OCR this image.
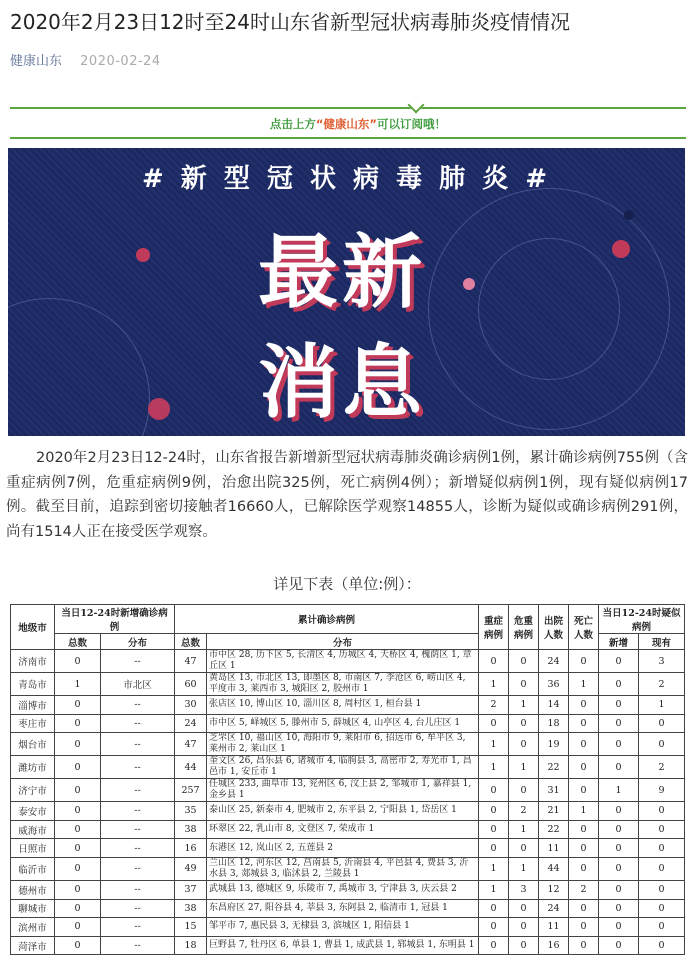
2020年2月23日12时至24时山东省新型冠状病毒肺炎疫情情况
健康山东 2020-02-24
点击上方“健康山东”可以订阅哦！
# 新 型 冠 状 病 毒 肺 炎 #
最新
消息
2020年2月23日12-24时，山东省报告新增新型冠状病毒肺炎确诊病例1例，累计确诊病例755例（含重症病例7例，危重症病例9例，治愈出院325例，死亡病例4例）；新增疑似病例1例，现有疑似病例17例。截至目前，追踪到密切接触者16660人，已解除医学观察14855人，诊断为疑似或确诊病例291例，尚有1514人正在接受医学观察。
详见下表（单位:例）：
地级市	当日12-24时新增确诊病例		累计确诊病例		重症病例	危重病例	出院人数	死亡人数	当日12-24时疑似病例	
	总数	分布	总数	分布					新增	现有
济南市	0	--	47	市中区 28, 历下区 5, 长清区 4, 历城区 4, 天桥区 4, 槐荫区 1, 章丘区 1	0	0	24	0	0	3
青岛市	1	市北区	60	黄岛区 13, 市北区 13, 即墨区 8, 市南区 7, 李沧区 6, 崂山区 4, 平度市 3, 莱西市 3, 城阳区 2, 胶州市 1	1	0	36	1	0	2
淄博市	0	--	30	张店区 10, 博山区 10, 淄川区 8, 周村区 1, 桓台县 1	2	1	14	0	0	1
枣庄市	0	--	24	市中区 5, 峄城区 5, 滕州市 5, 薛城区 4, 山亭区 4, 台儿庄区 1	0	0	18	0	0	0
烟台市	0	--	47	芝罘区 10, 福山区 10, 海阳市 9, 莱阳市 6, 招远市 6, 牟平区 3, 莱州市 2, 莱山区 1	1	0	19	0	0	0
潍坊市	0	--	44	奎文区 26, 昌乐县 6, 诸城市 4, 临朐县 3, 高密市 2, 寿光市 1, 昌邑市 1, 安丘市 1	1	1	22	0	0	2
济宁市	0	--	257	任城区 233, 曲阜市 13, 兖州区 6, 汶上县 2, 邹城市 1, 嘉祥县 1, 金乡县 1	0	0	31	0	1	9
泰安市	0	--	35	泰山区 25, 新泰市 4, 肥城市 2, 东平县 2, 宁阳县 1, 岱岳区 1	0	2	21	1	0	0
威海市	0	--	38	环翠区 22, 乳山市 8, 文登区 7, 荣成市 1	0	1	22	0	0	0
日照市	0	--	16	东港区 12, 岚山区 2, 五莲县 2	0	0	11	0	0	0
临沂市	0	--	49	兰山区 12, 河东区 12, 莒南县 5, 沂南县 4, 平邑县 4, 费县 3, 沂水县 3, 郯城县 3, 临沭县 2, 兰陵县 1	1	1	44	0	0	0
德州市	0	--	37	武城县 13, 德城区 9, 乐陵市 7, 禹城市 3, 宁津县 3, 庆云县 2	1	3	12	2	0	0
聊城市	0	--	38	东昌府区 27, 阳谷县 4, 莘县 3, 东阿县 2, 临清市 1, 冠县 1	0	0	24	0	0	0
滨州市	0	--	15	邹平市 7, 惠民县 3, 无棣县 3, 滨城区 1, 阳信县 1	0	0	11	0	0	0
菏泽市	0	--	18	巨野县 7, 牡丹区 6, 单县 1, 曹县 1, 成武县 1, 郓城县 1, 东明县 1	0	0	16	0	0	0
